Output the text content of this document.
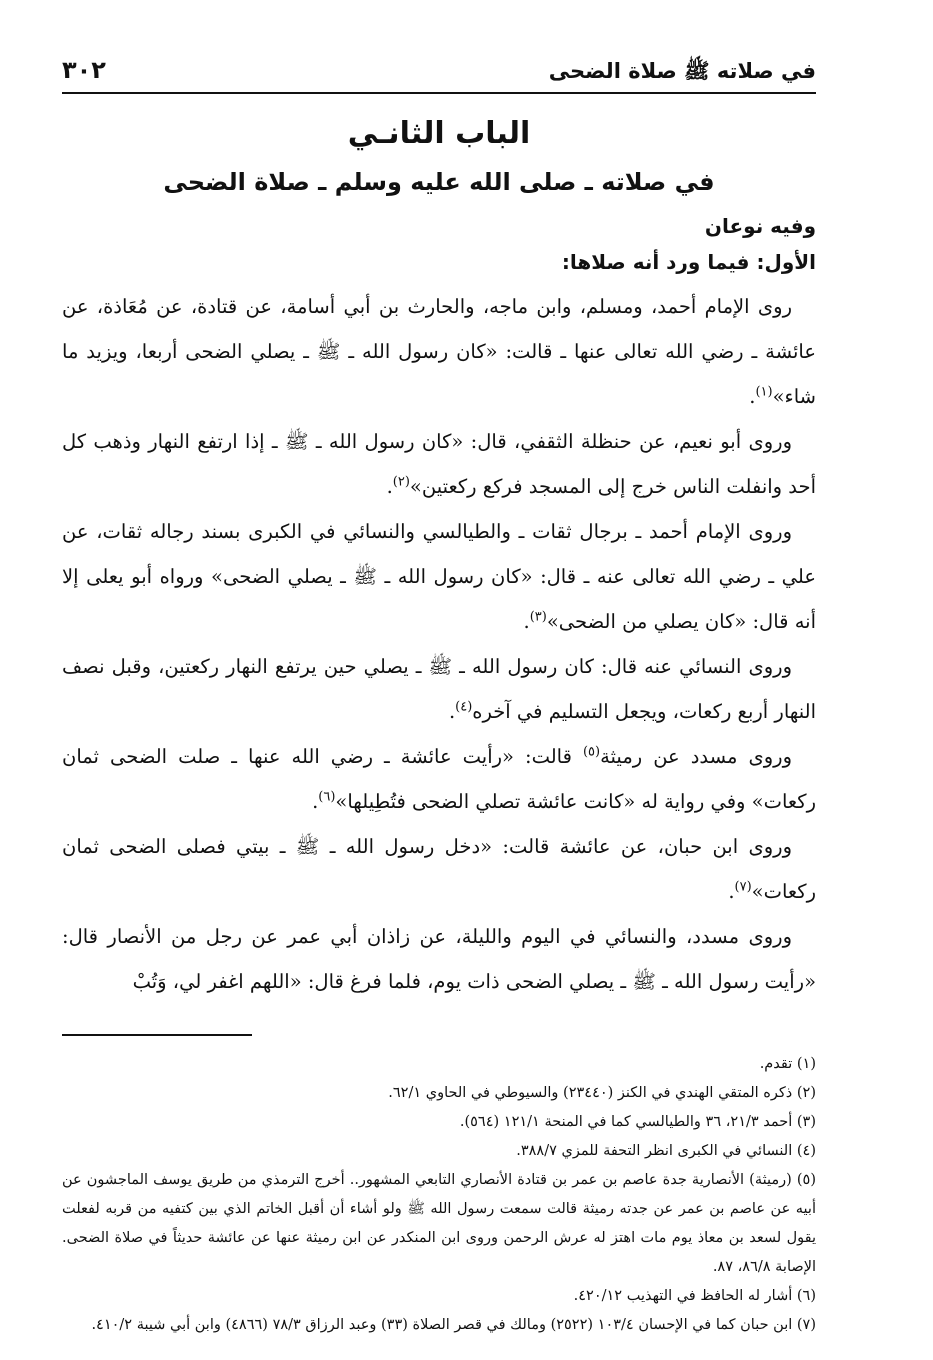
في صلاته ﷺ صلاة الضحى
٣٠٢
الباب الثانـي
في صلاته ـ صلى الله عليه وسلم ـ صلاة الضحى
وفيه نوعان
الأول: فيما ورد أنه صلاها:

روى الإمام أحمد، ومسلم، وابن ماجه، والحارث بن أبي أسامة، عن قتادة، عن مُعَاذة، عن عائشة ـ رضي الله تعالى عنها ـ قالت: «كان رسول الله ـ ﷺ ـ يصلي الضحى أربعا، ويزيد ما شاء»$^{(١)}$.

وروى أبو نعيم، عن حنظلة الثقفي، قال: «كان رسول الله ـ ﷺ ـ إذا ارتفع النهار وذهب كل أحد وانفلت الناس خرج إلى المسجد فركع ركعتين»$^{(٢)}$.

وروى الإمام أحمد ـ برجال ثقات ـ والطيالسي والنسائي في الكبرى بسند رجاله ثقات، عن علي ـ رضي الله تعالى عنه ـ قال: «كان رسول الله ـ ﷺ ـ يصلي الضحى» ورواه أبو يعلى إلا أنه قال: «كان يصلي من الضحى»$^{(٣)}$.

وروى النسائي عنه قال: كان رسول الله ـ ﷺ ـ يصلي حين يرتفع النهار ركعتين، وقبل نصف النهار أربع ركعات، ويجعل التسليم في آخره$^{(٤)}$.

وروى مسدد عن رميثة$^{(٥)}$ قالت: «رأيت عائشة ـ رضي الله عنها ـ صلت الضحى ثمان ركعات» وفي رواية له «كانت عائشة تصلي الضحى فتُطِيلها»$^{(٦)}$.

وروى ابن حبان، عن عائشة قالت: «دخل رسول الله ـ ﷺ ـ بيتي فصلى الضحى ثمان ركعات»$^{(٧)}$.

وروى مسدد، والنسائي في اليوم والليلة، عن زاذان أبي عمر عن رجل من الأنصار قال: «رأيت رسول الله ـ ﷺ ـ يصلي الضحى ذات يوم، فلما فرغ قال: «اللهم اغفر لي، وَتُبْ

(١) تقدم.

(٢) ذكره المتقي الهندي في الكنز (٢٣٤٤٠) والسيوطي في الحاوي ٦٢/١.

(٣) أحمد ٢١/٣، ٣٦ والطيالسي كما في المنحة ١٢١/١ (٥٦٤).

(٤) النسائي في الكبرى انظر التحفة للمزي ٣٨٨/٧.

(٥) (رميثة) الأنصارية جدة عاصم بن عمر بن قتادة الأنصاري التابعي المشهور.. أخرج الترمذي من طريق يوسف الماجشون عن أبيه عن عاصم بن عمر عن جدته رميثة قالت سمعت رسول الله ﷺ ولو أشاء أن أقبل الخاتم الذي بين كتفيه من قربه لفعلت يقول لسعد بن معاذ يوم مات اهتز له عرش الرحمن وروى ابن المنكدر عن ابن رميثة عنها عن عائشة حديثاً في صلاة الضحى. الإصابة ٨٦/٨، ٨٧.

(٦) أشار له الحافظ في التهذيب ٤٢٠/١٢.

(٧) ابن حبان كما في الإحسان ١٠٣/٤ (٢٥٢٢) ومالك في قصر الصلاة (٣٣) وعبد الرزاق ٧٨/٣ (٤٨٦٦) وابن أبي شيبة ٤١٠/٢.
